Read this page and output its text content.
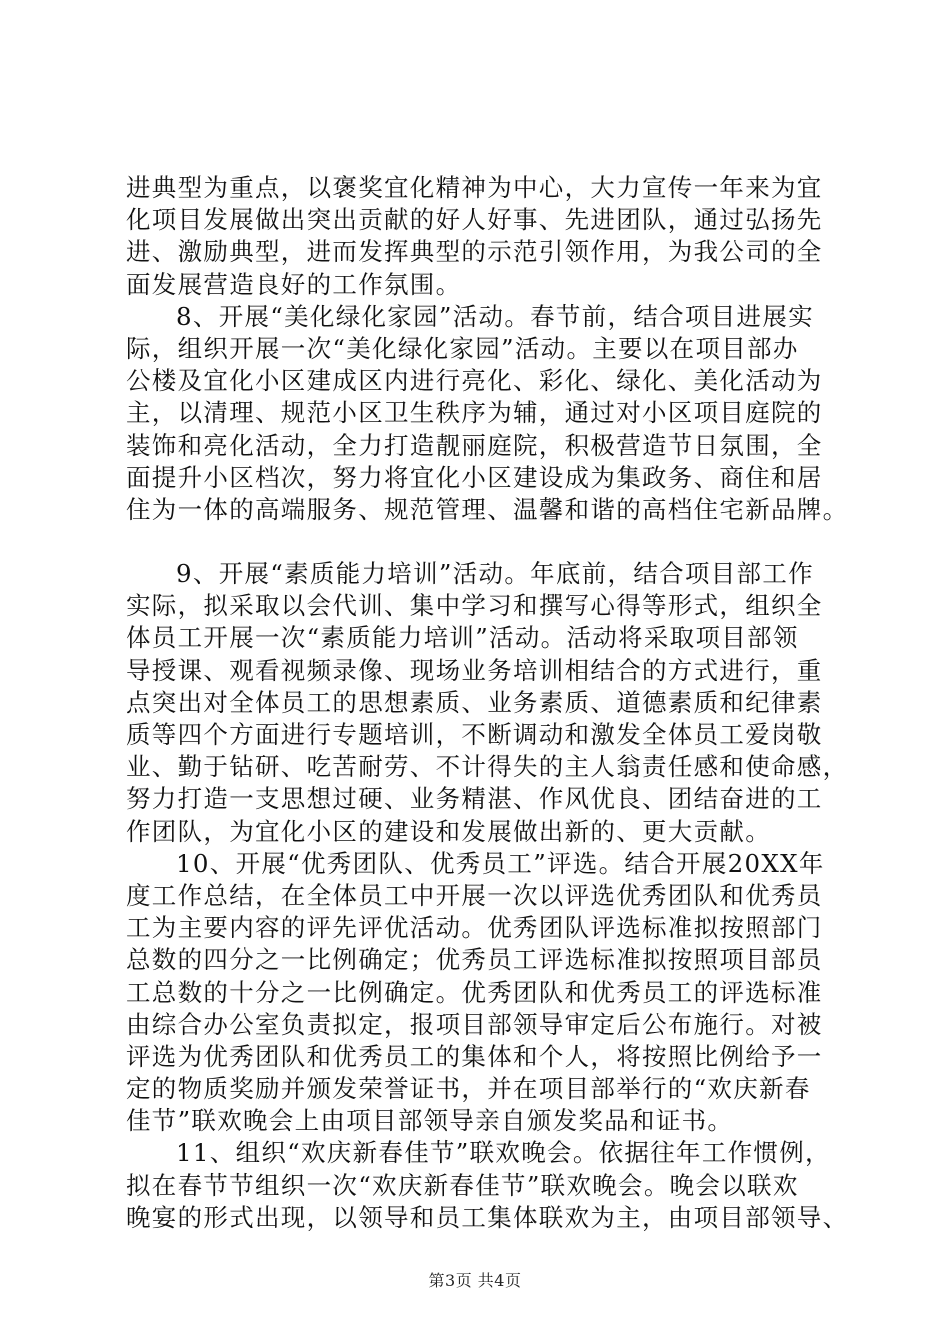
进典型为重点，以褒奖宜化精神为中心，大力宣传一年来为宜
化项目发展做出突出贡献的好人好事、先进团队，通过弘扬先
进、激励典型，进而发挥典型的示范引领作用，为我公司的全
面发展营造良好的工作氛围。
8、开展“美化绿化家园”活动。春节前，结合项目进展实
际，组织开展一次“美化绿化家园”活动。主要以在项目部办
公楼及宜化小区建成区内进行亮化、彩化、绿化、美化活动为
主，以清理、规范小区卫生秩序为辅，通过对小区项目庭院的
装饰和亮化活动，全力打造靓丽庭院，积极营造节日氛围，全
面提升小区档次，努力将宜化小区建设成为集政务、商住和居
住为一体的高端服务、规范管理、温馨和谐的高档住宅新品牌。
9、开展“素质能力培训”活动。年底前，结合项目部工作
实际，拟采取以会代训、集中学习和撰写心得等形式，组织全
体员工开展一次“素质能力培训”活动。活动将采取项目部领
导授课、观看视频录像、现场业务培训相结合的方式进行，重
点突出对全体员工的思想素质、业务素质、道德素质和纪律素
质等四个方面进行专题培训，不断调动和激发全体员工爱岗敬
业、勤于钻研、吃苦耐劳、不计得失的主人翁责任感和使命感，
努力打造一支思想过硬、业务精湛、作风优良、团结奋进的工
作团队，为宜化小区的建设和发展做出新的、更大贡献。
10、开展“优秀团队、优秀员工”评选。结合开展20XX年
度工作总结，在全体员工中开展一次以评选优秀团队和优秀员
工为主要内容的评先评优活动。优秀团队评选标准拟按照部门
总数的四分之一比例确定；优秀员工评选标准拟按照项目部员
工总数的十分之一比例确定。优秀团队和优秀员工的评选标准
由综合办公室负责拟定，报项目部领导审定后公布施行。对被
评选为优秀团队和优秀员工的集体和个人，将按照比例给予一
定的物质奖励并颁发荣誉证书，并在项目部举行的“欢庆新春
佳节”联欢晚会上由项目部领导亲自颁发奖品和证书。
11、组织“欢庆新春佳节”联欢晚会。依据往年工作惯例，
拟在春节节组织一次“欢庆新春佳节”联欢晚会。晚会以联欢
晚宴的形式出现，以领导和员工集体联欢为主，由项目部领导、
第3页 共4页
